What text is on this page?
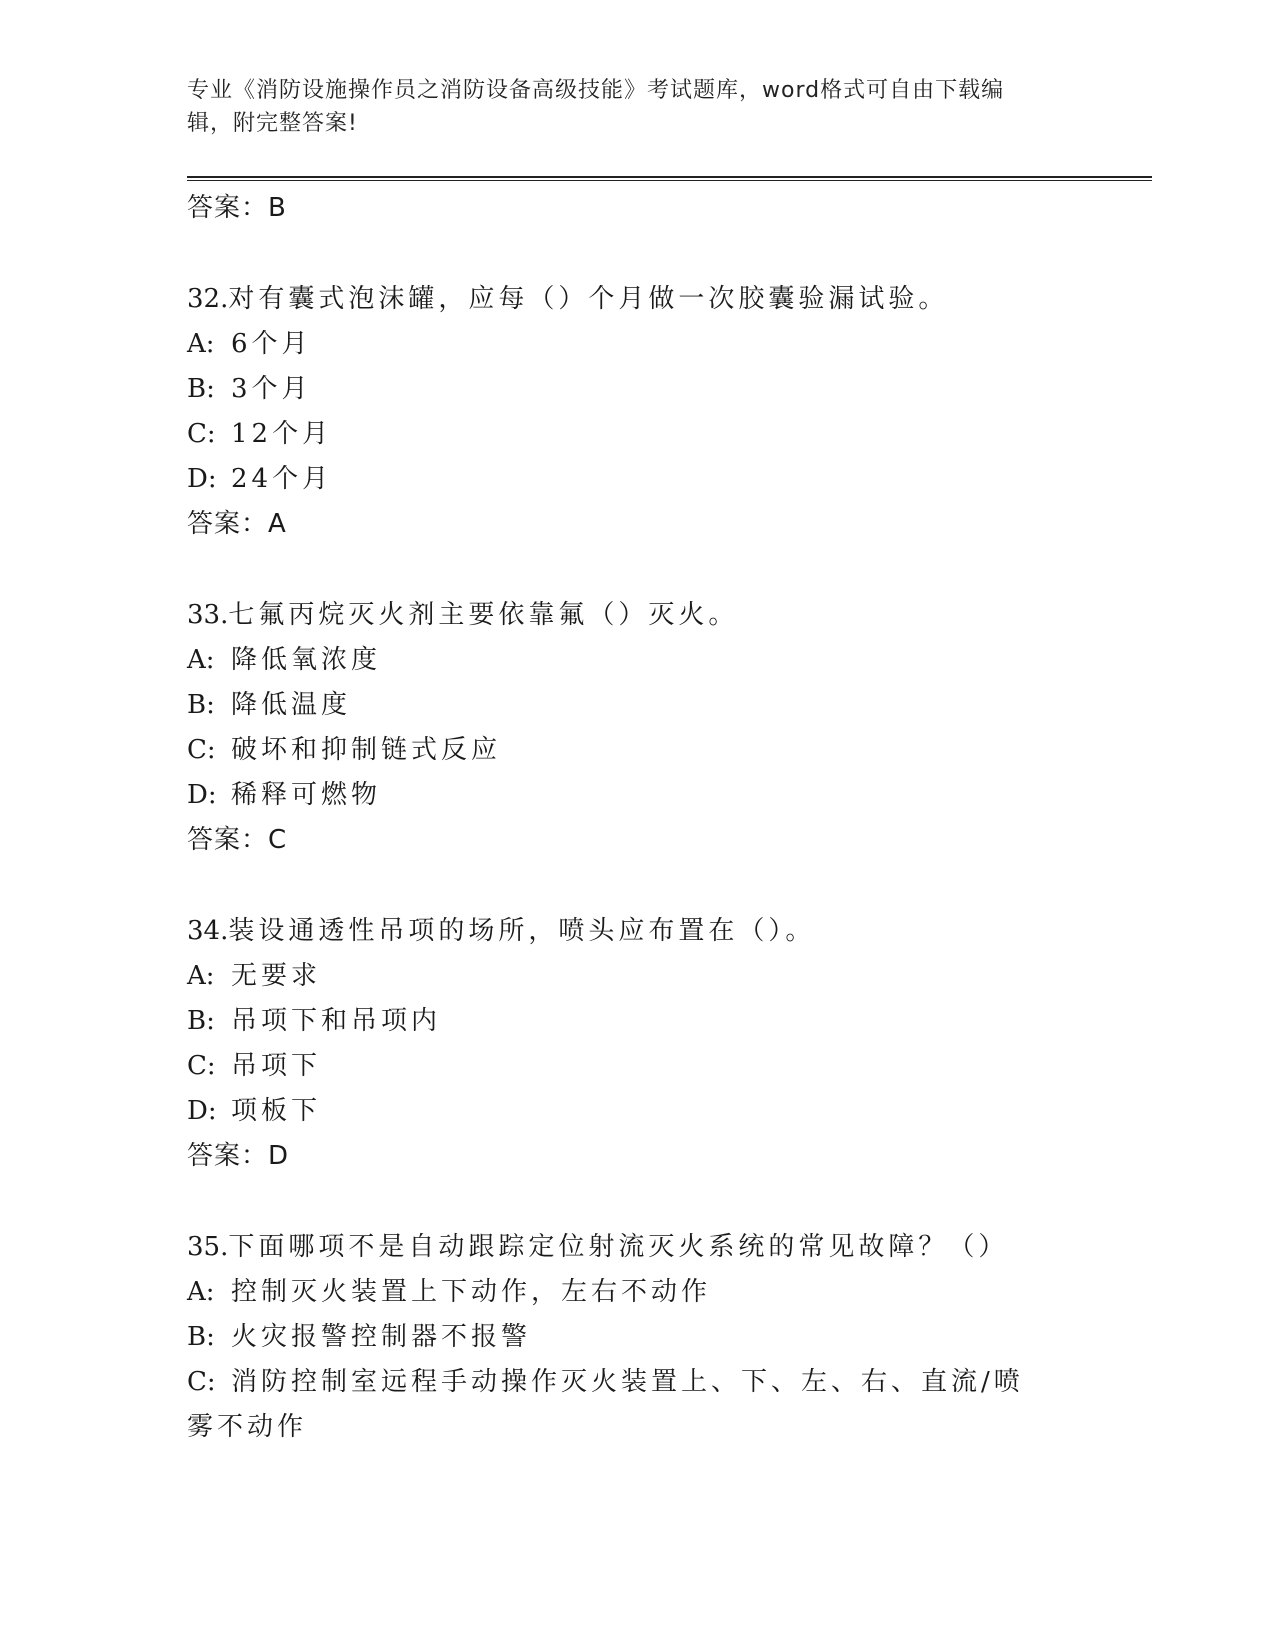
专业《消防设施操作员之消防设备高级技能》考试题库，word格式可自由下载编
辑，附完整答案!
答案：B
32.对有囊式泡沫罐，应每（）个月做一次胶囊验漏试验。
A: 6个月
B: 3个月
C: 12个月
D: 24个月
答案：A
33.七氟丙烷灭火剂主要依靠氟（）灭火。
A: 降低氧浓度
B: 降低温度
C: 破坏和抑制链式反应
D: 稀释可燃物
答案：C
34.装设通透性吊项的场所，喷头应布置在（）。
A: 无要求
B: 吊项下和吊项内
C: 吊项下
D: 项板下
答案：D
35.下面哪项不是自动跟踪定位射流灭火系统的常见故障？（）
A: 控制灭火装置上下动作，左右不动作
B: 火灾报警控制器不报警
C: 消防控制室远程手动操作灭火装置上、下、左、右、直流/喷雾不动作
